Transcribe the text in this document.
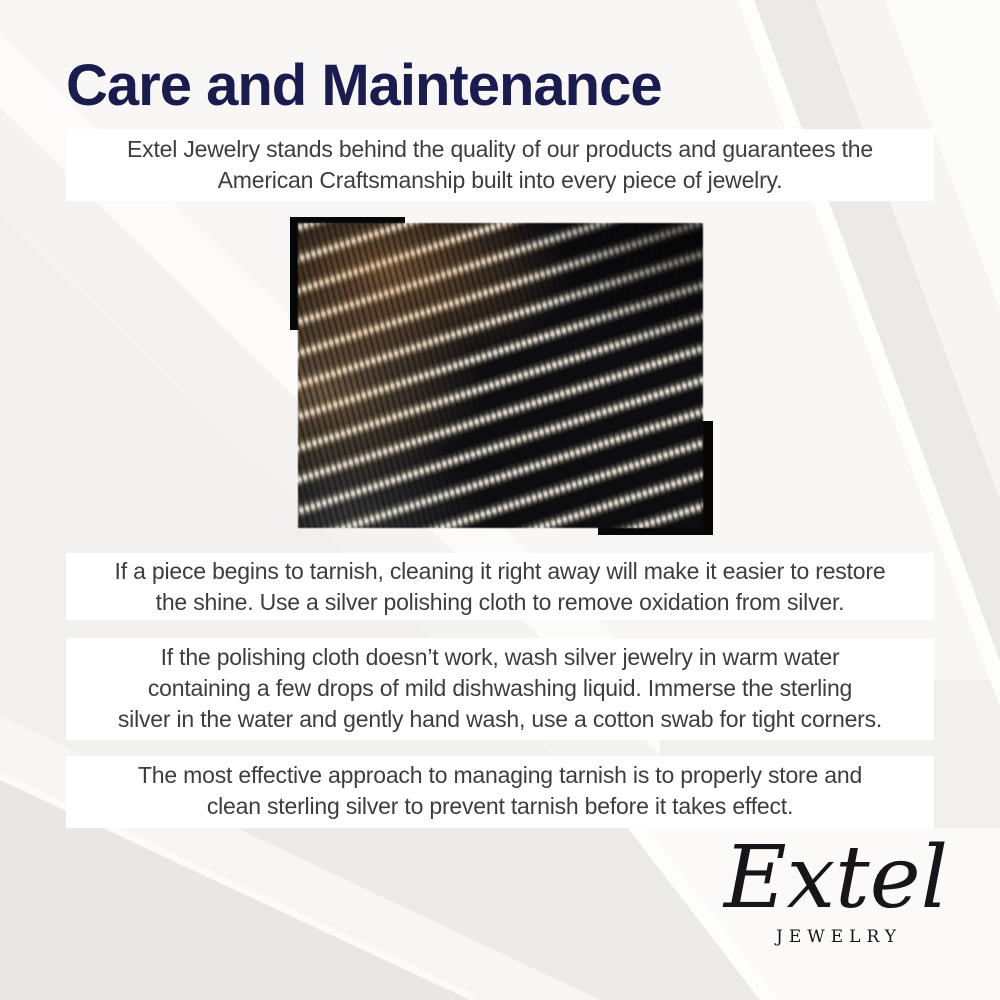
Care and Maintenance
Extel Jewelry stands behind the quality of our products and guarantees the
American Craftsmanship built into every piece of jewelry.
If a piece begins to tarnish, cleaning it right away will make it easier to restore
the shine. Use a silver polishing cloth to remove oxidation from silver.
If the polishing cloth doesn’t work, wash silver jewelry in warm water
containing a few drops of mild dishwashing liquid. Immerse the sterling
silver in the water and gently hand wash, use a cotton swab for tight corners.
The most effective approach to managing tarnish is to properly store and
clean sterling silver to prevent tarnish before it takes effect.
Extel
JEWELRY
